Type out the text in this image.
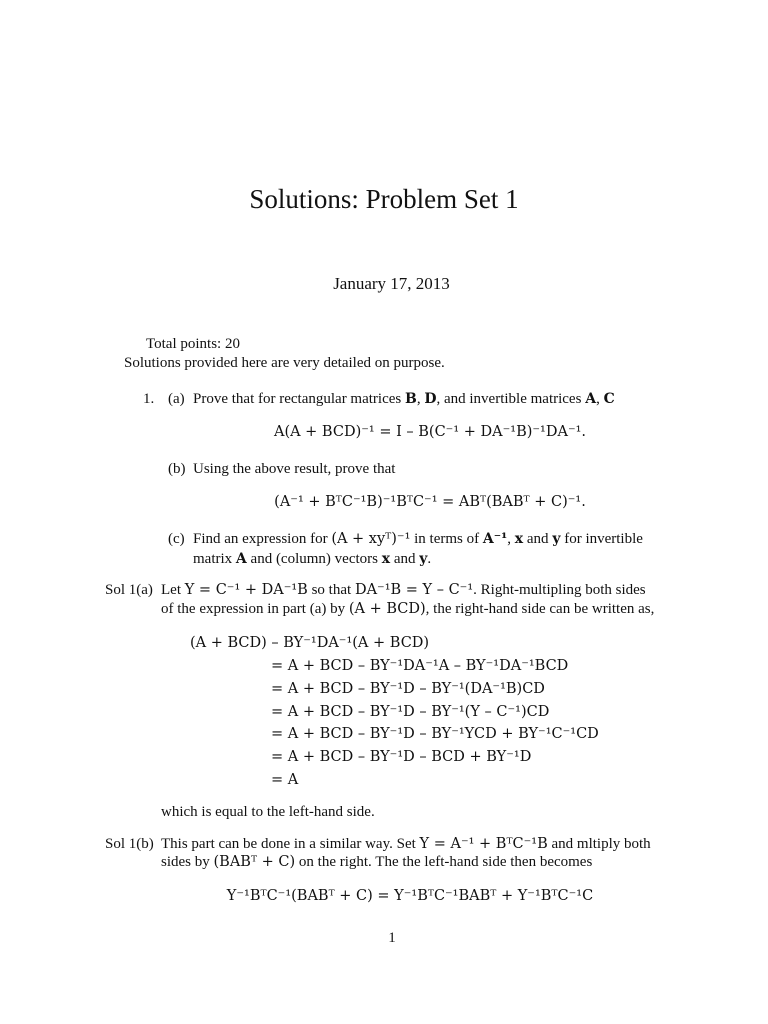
Solutions: Problem Set 1
January 17, 2013
Total points: 20
Solutions provided here are very detailed on purpose.
1. (a) Prove that for rectangular matrices B, D, and invertible matrices A, C
A(A + BCD)⁻¹ = I – B(C⁻¹ + DA⁻¹B)⁻¹DA⁻¹.
(b) Using the above result, prove that
(A⁻¹ + BᵀC⁻¹B)⁻¹BᵀC⁻¹ = ABᵀ(BABᵀ + C)⁻¹.
(c) Find an expression for (A + xyᵀ)⁻¹ in terms of A⁻¹, x and y for invertible
matrix A and (column) vectors x and y.
Sol 1(a) Let Y = C⁻¹ + DA⁻¹B so that DA⁻¹B = Y – C⁻¹. Right-multipling both sides
of the expression in part (a) by (A + BCD), the right-hand side can be written as,
(A + BCD) – BY⁻¹DA⁻¹(A + BCD)
= A + BCD – BY⁻¹DA⁻¹A – BY⁻¹DA⁻¹BCD
= A + BCD – BY⁻¹D – BY⁻¹(DA⁻¹B)CD
= A + BCD – BY⁻¹D – BY⁻¹(Y – C⁻¹)CD
= A + BCD – BY⁻¹D – BY⁻¹YCD + BY⁻¹C⁻¹CD
= A + BCD – BY⁻¹D – BCD + BY⁻¹D
= A
which is equal to the left-hand side.
Sol 1(b) This part can be done in a similar way. Set Y = A⁻¹ + BᵀC⁻¹B and mltiply both
sides by (BABᵀ + C) on the right. The the left-hand side then becomes
Y⁻¹BᵀC⁻¹(BABᵀ + C) = Y⁻¹BᵀC⁻¹BABᵀ + Y⁻¹BᵀC⁻¹C
1
